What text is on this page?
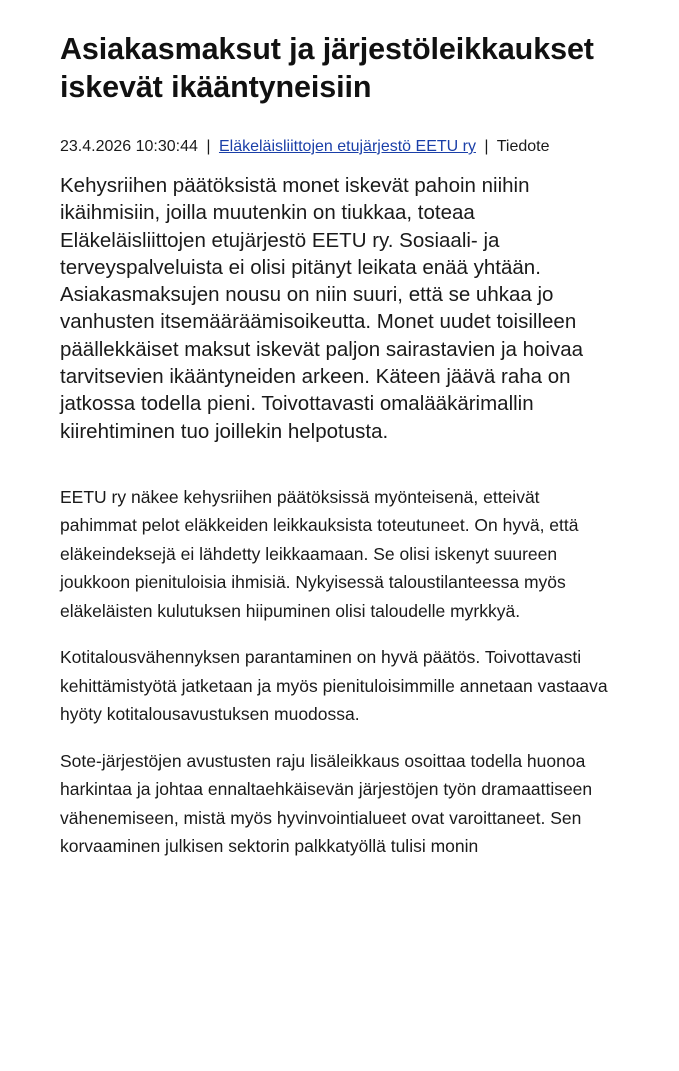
Asiakasmaksut ja järjestöleikkaukset iskevät ikääntyneisiin
23.4.2026 10:30:44 | Eläkeläisliittojen etujärjestö EETU ry | Tiedote

Kehysriihen päätöksistä monet iskevät pahoin niihin ikäihmisiin, joilla muutenkin on tiukkaa, toteaa Eläkeläisliittojen etujärjestö EETU ry. Sosiaali- ja terveyspalveluista ei olisi pitänyt leikata enää yhtään. Asiakasmaksujen nousu on niin suuri, että se uhkaa jo vanhusten itsemääräämisoikeutta. Monet uudet toisilleen päällekkäiset maksut iskevät paljon sairastavien ja hoivaa tarvitsevien ikääntyneiden arkeen. Käteen jäävä raha on jatkossa todella pieni. Toivottavasti omalääkärimallin kiirehtiminen tuo joillekin helpotusta.

EETU ry näkee kehysriihen päätöksissä myönteisenä, etteivät pahimmat pelot eläkkeiden leikkauksista toteutuneet. On hyvä, että eläkeindeksejä ei lähdetty leikkaamaan. Se olisi iskenyt suureen joukkoon pienituloisia ihmisiä. Nykyisessä taloustilanteessa myös eläkeläisten kulutuksen hiipuminen olisi taloudelle myrkkyä.

Kotitalousvähennyksen parantaminen on hyvä päätös. Toivottavasti kehittämistyötä jatketaan ja myös pienituloisimmille annetaan vastaava hyöty kotitalousavustuksen muodossa.

Sote-järjestöjen avustusten raju lisäleikkaus osoittaa todella huonoa harkintaa ja johtaa ennaltaehkäisevän järjestöjen työn dramaattiseen vähenemiseen, mistä myös hyvinvointialueet ovat varoittaneet. Sen korvaaminen julkisen sektorin palkkatyöllä tulisi monin
